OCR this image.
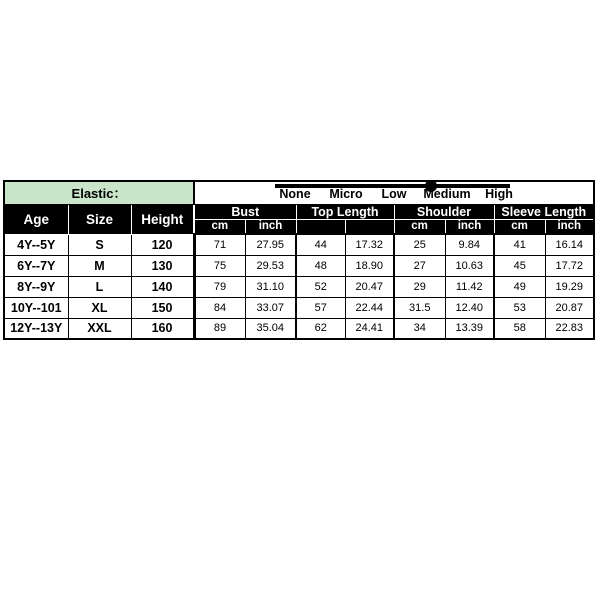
Elastic：			None Micro Low Medium High							

Age	Size	Height	Bust		Top Length		Shoulder		Sleeve Length	
			cm	inch			cm	inch	cm	inch
4Y--5Y	S	120	71	27.95	44	17.32	25	9.84	41	16.14
6Y--7Y	M	130	75	29.53	48	18.90	27	10.63	45	17.72
8Y--9Y	L	140	79	31.10	52	20.47	29	11.42	49	19.29
10Y--101	XL	150	84	33.07	57	22.44	31.5	12.40	53	20.87
12Y--13Y	XXL	160	89	35.04	62	24.41	34	13.39	58	22.83
